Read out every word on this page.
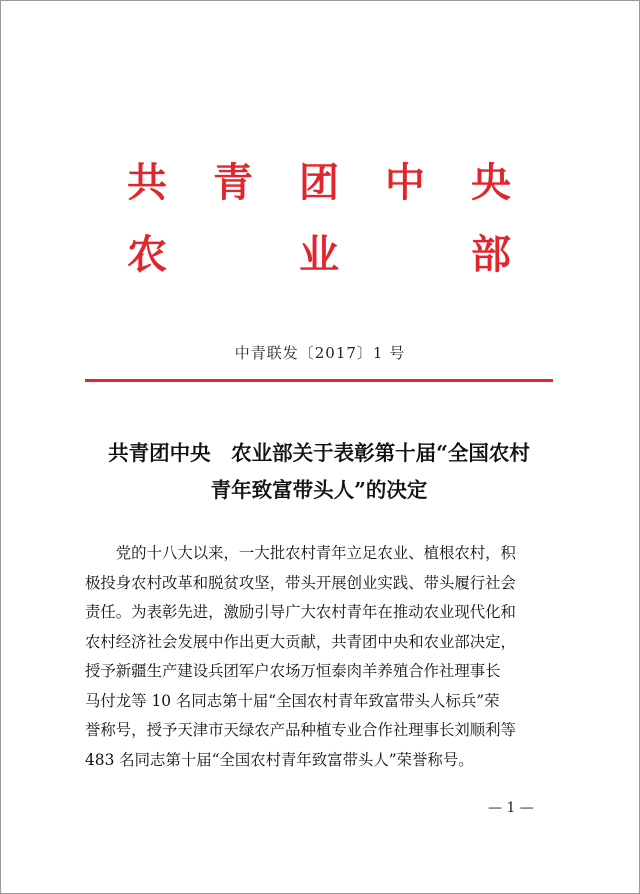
共 青 团 中 央
农	业	部
中青联发〔2017〕1 号
共青团中央　农业部关于表彰第十届“全国农村
青年致富带头人”的决定
　　党的十八大以来，一大批农村青年立足农业、植根农村，积
极投身农村改革和脱贫攻坚，带头开展创业实践、带头履行社会
责任。为表彰先进，激励引导广大农村青年在推动农业现代化和
农村经济社会发展中作出更大贡献，共青团中央和农业部决定，
授予新疆生产建设兵团军户农场万恒泰肉羊养殖合作社理事长
马付龙等 10 名同志第十届“全国农村青年致富带头人标兵”荣
誉称号，授予天津市天绿农产品种植专业合作社理事长刘顺利等
483 名同志第十届“全国农村青年致富带头人”荣誉称号。
— 1 —
